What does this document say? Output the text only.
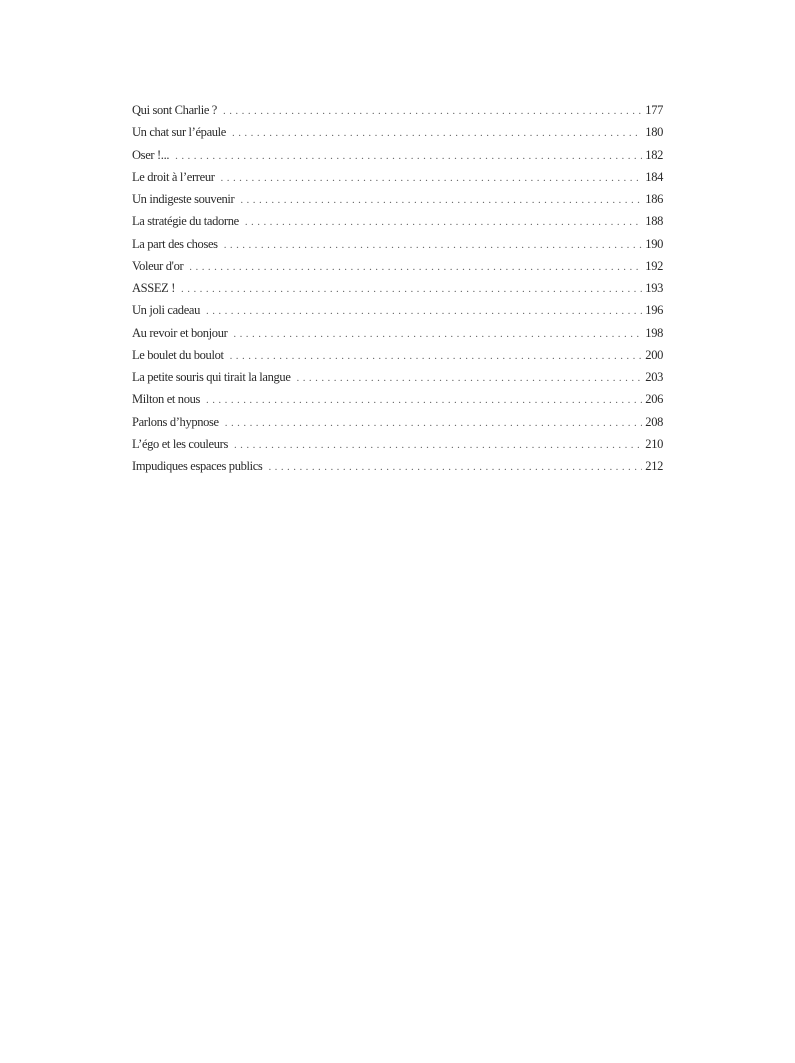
Qui sont Charlie ? . . .	177
Un chat sur l’épaule . . .	180
Oser !... . . .	182
Le droit à l’erreur . . .	184
Un indigeste souvenir . . .	186
La stratégie du tadorne . . .	188
La part des choses . . .	190
Voleur d'or . . .	192
ASSEZ ! . . .	193
Un joli cadeau . . .	196
Au revoir et bonjour . . .	198
Le boulet du boulot . . .	200
La petite souris qui tirait la langue . . .	203
Milton et nous . . .	206
Parlons d’hypnose . . .	208
L’égo et les couleurs . . .	210
Impudiques espaces publics . . .	212
